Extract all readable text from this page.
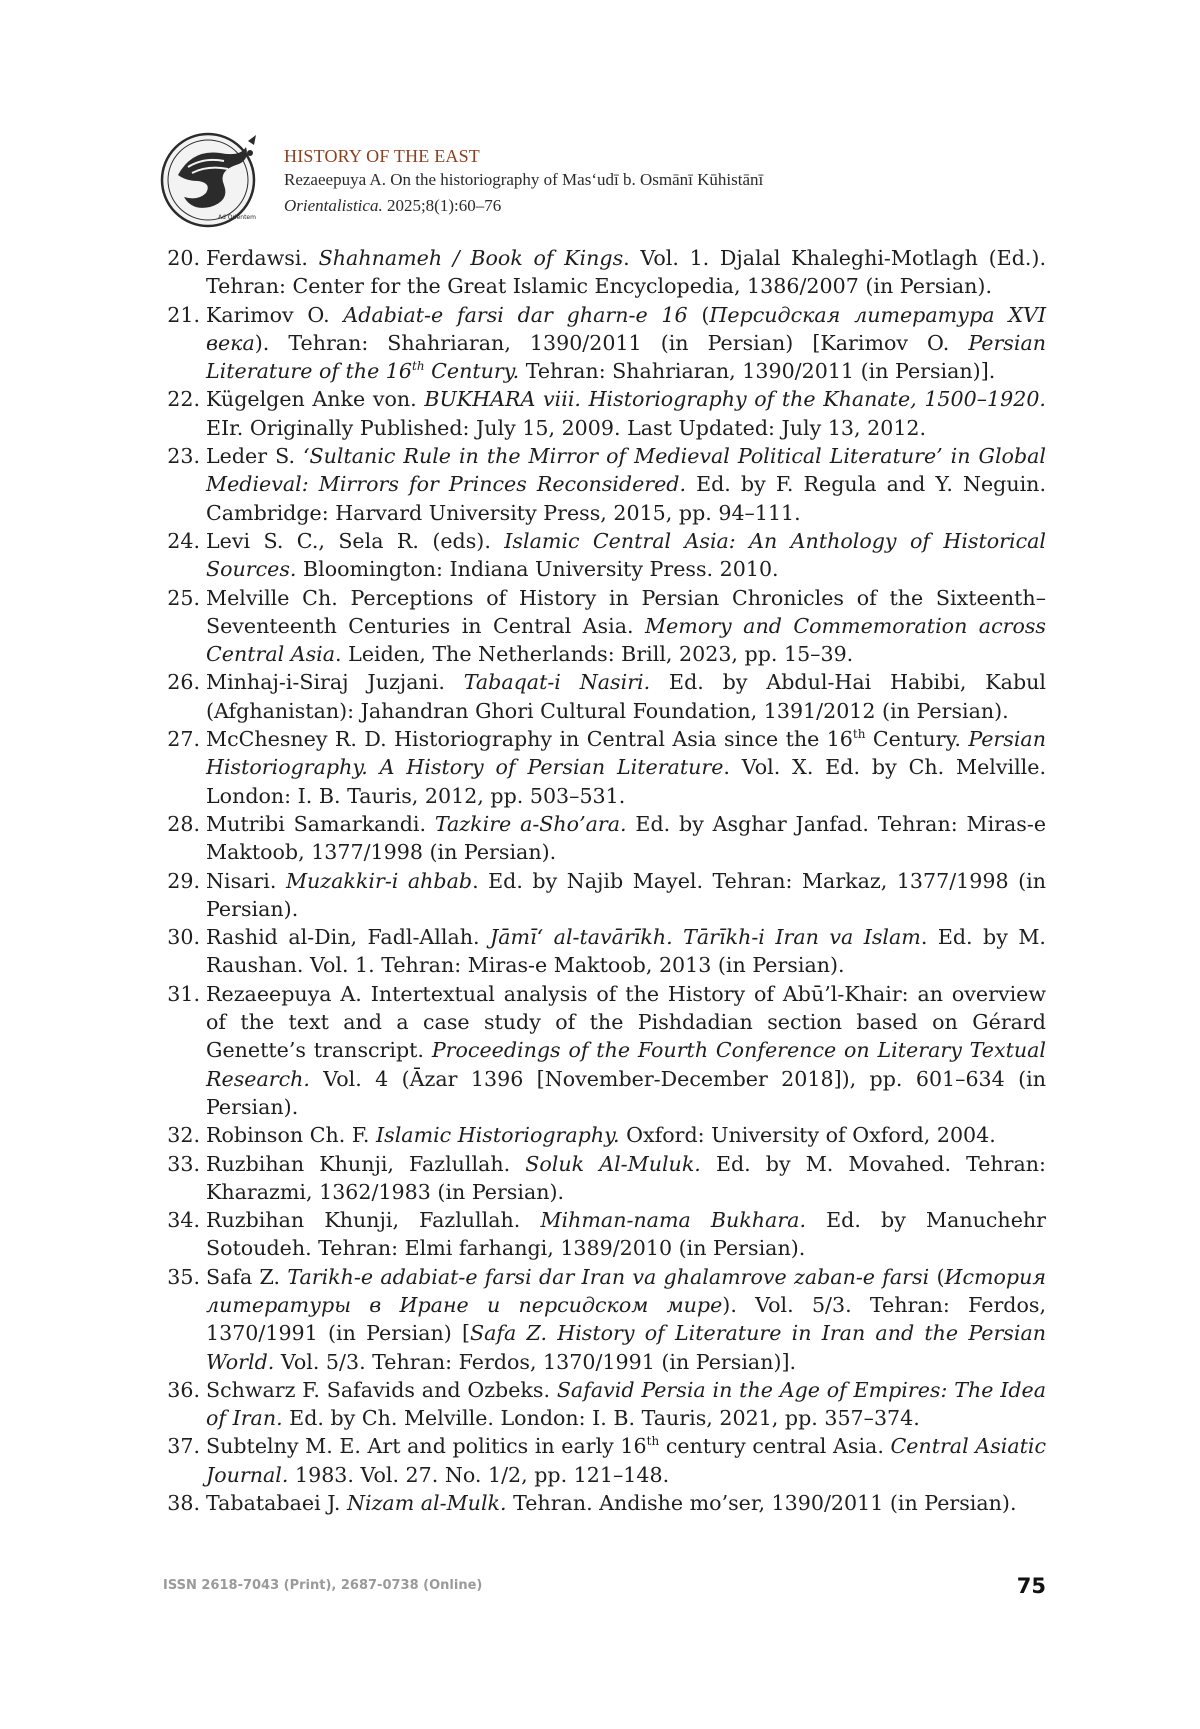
Ad Orientem
HISTORY OF THE EAST
Rezaeepuya A. On the historiography of Mas‘udī b. Osmānī Kūhistānī
Orientalistica. 2025;8(1):60–76
20. Ferdawsi. Shahnameh / Book of Kings. Vol. 1. Djalal Khaleghi-Motlagh (Ed.). Tehran: Center for the Great Islamic Encyclopedia, 1386/2007 (in Persian).
21. Karimov O. Adabiat-e farsi dar gharn-e 16 (Персидская литература XVI века). Tehran: Shahriaran, 1390/2011 (in Persian) [Karimov O. Persian Literature of the 16th Century. Tehran: Shahriaran, 1390/2011 (in Persian)].
22. Kügelgen Anke von. BUKHARA viii. Historiography of the Khanate, 1500–1920. EIr. Originally Published: July 15, 2009. Last Updated: July 13, 2012.
23. Leder S. ‘Sultanic Rule in the Mirror of Medieval Political Literature’ in Global Medieval: Mirrors for Princes Reconsidered. Ed. by F. Regula and Y. Neguin. Cambridge: Harvard University Press, 2015, pp. 94–111.
24. Levi S. C., Sela R. (eds). Islamic Central Asia: An Anthology of Historical Sources. Bloomington: Indiana University Press. 2010.
25. Melville Ch. Perceptions of History in Persian Chronicles of the Sixteenth–Seventeenth Centuries in Central Asia. Memory and Commemoration across Central Asia. Leiden, The Netherlands: Brill, 2023, pp. 15–39.
26. Minhaj-i-Siraj Juzjani. Tabaqat-i Nasiri. Ed. by Abdul-Hai Habibi, Kabul (Afghanistan): Jahandran Ghori Cultural Foundation, 1391/2012 (in Persian).
27. McChesney R. D. Historiography in Central Asia since the 16th Century. Persian Historiography. A History of Persian Literature. Vol. X. Ed. by Ch. Melville. London: I. B. Tauris, 2012, pp. 503–531.
28. Mutribi Samarkandi. Tazkire a-Sho’ara. Ed. by Asghar Janfad. Tehran: Miras-e Maktoob, 1377/1998 (in Persian).
29. Nisari. Muzakkir-i ahbab. Ed. by Najib Mayel. Tehran: Markaz, 1377/1998 (in Persian).
30. Rashid al-Din, Fadl-Allah. Jāmī‘ al-tavārīkh. Tārīkh-i Iran va Islam. Ed. by M. Raushan. Vol. 1. Tehran: Miras-e Maktoob, 2013 (in Persian).
31. Rezaeepuya A. Intertextual analysis of the History of Abū’l-Khair: an overview of the text and a case study of the Pishdadian section based on Gérard Genette’s transcript. Proceedings of the Fourth Conference on Literary Textual Research. Vol. 4 (Āzar 1396 [November-December 2018]), pp. 601–634 (in Persian).
32. Robinson Ch. F. Islamic Historiography. Oxford: University of Oxford, 2004.
33. Ruzbihan Khunji, Fazlullah. Soluk Al-Muluk. Ed. by M. Movahed. Tehran: Kharazmi, 1362/1983 (in Persian).
34. Ruzbihan Khunji, Fazlullah. Mihman-nama Bukhara. Ed. by Manuchehr Sotoudeh. Tehran: Elmi farhangi, 1389/2010 (in Persian).
35. Safa Z. Tarikh-e adabiat-e farsi dar Iran va ghalamrove zaban-e farsi (История литературы в Иране и персидском мире). Vol. 5/3. Tehran: Ferdos, 1370/1991 (in Persian) [Safa Z. History of Literature in Iran and the Persian World. Vol. 5/3. Tehran: Ferdos, 1370/1991 (in Persian)].
36. Schwarz F. Safavids and Ozbeks. Safavid Persia in the Age of Empires: The Idea of Iran. Ed. by Ch. Melville. London: I. B. Tauris, 2021, pp. 357–374.
37. Subtelny M. E. Art and politics in early 16th century central Asia. Central Asiatic Journal. 1983. Vol. 27. No. 1/2, pp. 121–148.
38. Tabatabaei J. Nizam al-Mulk. Tehran. Andishe mo’ser, 1390/2011 (in Persian).
ISSN 2618-7043 (Print), 2687-0738 (Online)	75
